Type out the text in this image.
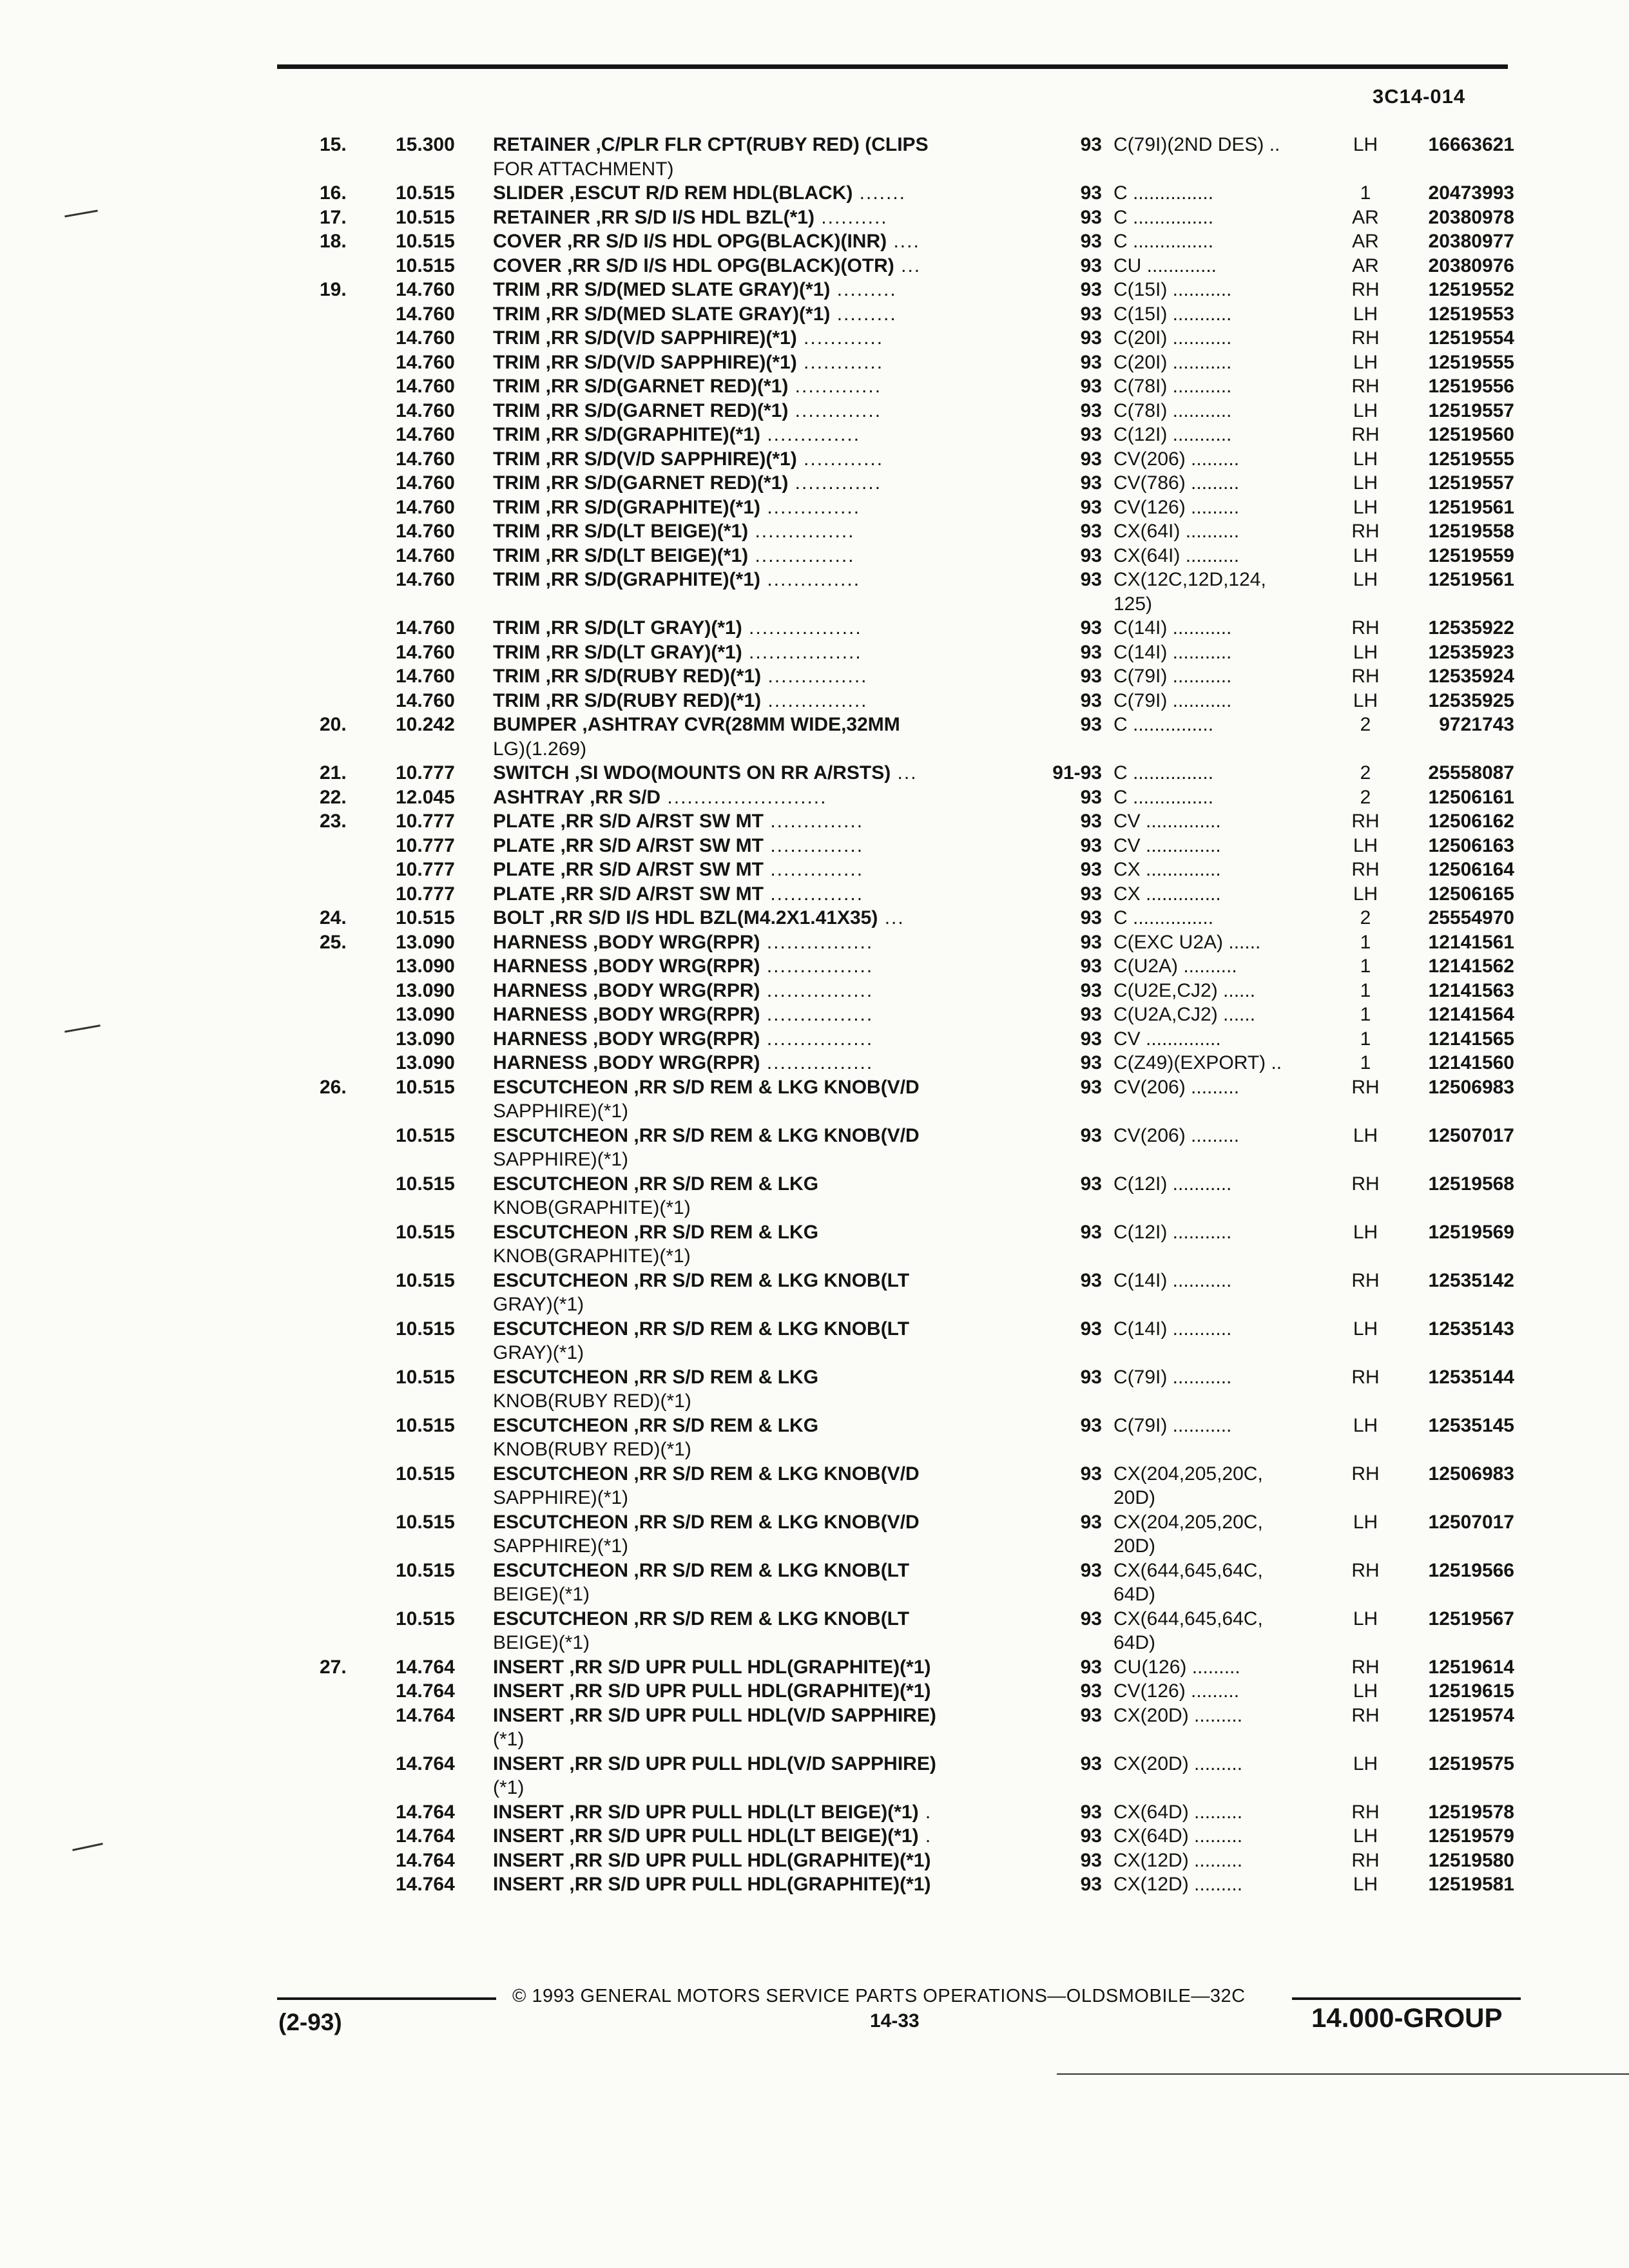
3C14-014
15.	15.300	RETAINER ,C/PLR FLR CPT(RUBY RED) (CLIPS	93 C(79I)(2ND DES) ..	LH	16663621
FOR ATTACHMENT)
16.	10.515	SLIDER ,ESCUT R/D REM HDL(BLACK) .......	93 C ...............	1	20473993
17.	10.515	RETAINER ,RR S/D I/S HDL BZL(*1) ..........	93 C ...............	AR	20380978
18.	10.515	COVER ,RR S/D I/S HDL OPG(BLACK)(INR) ....	93 C ...............	AR	20380977
10.515	COVER ,RR S/D I/S HDL OPG(BLACK)(OTR) ...	93 CU .............	AR	20380976
19.	14.760	TRIM ,RR S/D(MED SLATE GRAY)(*1) .........	93 C(15I) ...........	RH	12519552
14.760	TRIM ,RR S/D(MED SLATE GRAY)(*1) .........	93 C(15I) ...........	LH	12519553
14.760	TRIM ,RR S/D(V/D SAPPHIRE)(*1) ............	93 C(20I) ...........	RH	12519554
14.760	TRIM ,RR S/D(V/D SAPPHIRE)(*1) ............	93 C(20I) ...........	LH	12519555
14.760	TRIM ,RR S/D(GARNET RED)(*1) .............	93 C(78I) ...........	RH	12519556
14.760	TRIM ,RR S/D(GARNET RED)(*1) .............	93 C(78I) ...........	LH	12519557
14.760	TRIM ,RR S/D(GRAPHITE)(*1) ..............	93 C(12I) ...........	RH	12519560
14.760	TRIM ,RR S/D(V/D SAPPHIRE)(*1) ............	93 CV(206) .........	LH	12519555
14.760	TRIM ,RR S/D(GARNET RED)(*1) .............	93 CV(786) .........	LH	12519557
14.760	TRIM ,RR S/D(GRAPHITE)(*1) ..............	93 CV(126) .........	LH	12519561
14.760	TRIM ,RR S/D(LT BEIGE)(*1) ...............	93 CX(64I) ..........	RH	12519558
14.760	TRIM ,RR S/D(LT BEIGE)(*1) ...............	93 CX(64I) ..........	LH	12519559
14.760	TRIM ,RR S/D(GRAPHITE)(*1) ..............	93 CX(12C,12D,124,	LH	12519561
125)
14.760	TRIM ,RR S/D(LT GRAY)(*1) .................	93 C(14I) ...........	RH	12535922
14.760	TRIM ,RR S/D(LT GRAY)(*1) .................	93 C(14I) ...........	LH	12535923
14.760	TRIM ,RR S/D(RUBY RED)(*1) ...............	93 C(79I) ...........	RH	12535924
14.760	TRIM ,RR S/D(RUBY RED)(*1) ...............	93 C(79I) ...........	LH	12535925
20.	10.242	BUMPER ,ASHTRAY CVR(28MM WIDE,32MM	93 C ...............	2	9721743
LG)(1.269)
21.	10.777	SWITCH ,SI WDO(MOUNTS ON RR A/RSTS) ...	91-93 C ...............	2	25558087
22.	12.045	ASHTRAY ,RR S/D ........................	93 C ...............	2	12506161
23.	10.777	PLATE ,RR S/D A/RST SW MT ..............	93 CV ..............	RH	12506162
10.777	PLATE ,RR S/D A/RST SW MT ..............	93 CV ..............	LH	12506163
10.777	PLATE ,RR S/D A/RST SW MT ..............	93 CX ..............	RH	12506164
10.777	PLATE ,RR S/D A/RST SW MT ..............	93 CX ..............	LH	12506165
24.	10.515	BOLT ,RR S/D I/S HDL BZL(M4.2X1.41X35) ...	93 C ...............	2	25554970
25.	13.090	HARNESS ,BODY WRG(RPR) ................	93 C(EXC U2A) ......	1	12141561
13.090	HARNESS ,BODY WRG(RPR) ................	93 C(U2A) ..........	1	12141562
13.090	HARNESS ,BODY WRG(RPR) ................	93 C(U2E,CJ2) ......	1	12141563
13.090	HARNESS ,BODY WRG(RPR) ................	93 C(U2A,CJ2) ......	1	12141564
13.090	HARNESS ,BODY WRG(RPR) ................	93 CV ..............	1	12141565
13.090	HARNESS ,BODY WRG(RPR) ................	93 C(Z49)(EXPORT) ..	1	12141560
26.	10.515	ESCUTCHEON ,RR S/D REM & LKG KNOB(V/D	93 CV(206) .........	RH	12506983
SAPPHIRE)(*1)
10.515	ESCUTCHEON ,RR S/D REM & LKG KNOB(V/D	93 CV(206) .........	LH	12507017
SAPPHIRE)(*1)
10.515	ESCUTCHEON ,RR S/D REM & LKG	93 C(12I) ...........	RH	12519568
KNOB(GRAPHITE)(*1)
10.515	ESCUTCHEON ,RR S/D REM & LKG	93 C(12I) ...........	LH	12519569
KNOB(GRAPHITE)(*1)
10.515	ESCUTCHEON ,RR S/D REM & LKG KNOB(LT	93 C(14I) ...........	RH	12535142
GRAY)(*1)
10.515	ESCUTCHEON ,RR S/D REM & LKG KNOB(LT	93 C(14I) ...........	LH	12535143
GRAY)(*1)
10.515	ESCUTCHEON ,RR S/D REM & LKG	93 C(79I) ...........	RH	12535144
KNOB(RUBY RED)(*1)
10.515	ESCUTCHEON ,RR S/D REM & LKG	93 C(79I) ...........	LH	12535145
KNOB(RUBY RED)(*1)
10.515	ESCUTCHEON ,RR S/D REM & LKG KNOB(V/D	93 CX(204,205,20C,	RH	12506983
SAPPHIRE)(*1)	20D)
10.515	ESCUTCHEON ,RR S/D REM & LKG KNOB(V/D	93 CX(204,205,20C,	LH	12507017
SAPPHIRE)(*1)	20D)
10.515	ESCUTCHEON ,RR S/D REM & LKG KNOB(LT	93 CX(644,645,64C,	RH	12519566
BEIGE)(*1)	64D)
10.515	ESCUTCHEON ,RR S/D REM & LKG KNOB(LT	93 CX(644,645,64C,	LH	12519567
BEIGE)(*1)	64D)
27.	14.764	INSERT ,RR S/D UPR PULL HDL(GRAPHITE)(*1)	93 CU(126) .........	RH	12519614
14.764	INSERT ,RR S/D UPR PULL HDL(GRAPHITE)(*1)	93 CV(126) .........	LH	12519615
14.764	INSERT ,RR S/D UPR PULL HDL(V/D SAPPHIRE)	93 CX(20D) .........	RH	12519574
(*1)
14.764	INSERT ,RR S/D UPR PULL HDL(V/D SAPPHIRE)	93 CX(20D) .........	LH	12519575
(*1)
14.764	INSERT ,RR S/D UPR PULL HDL(LT BEIGE)(*1) .	93 CX(64D) .........	RH	12519578
14.764	INSERT ,RR S/D UPR PULL HDL(LT BEIGE)(*1) .	93 CX(64D) .........	LH	12519579
14.764	INSERT ,RR S/D UPR PULL HDL(GRAPHITE)(*1)	93 CX(12D) .........	RH	12519580
14.764	INSERT ,RR S/D UPR PULL HDL(GRAPHITE)(*1)	93 CX(12D) .........	LH	12519581
© 1993 GENERAL MOTORS SERVICE PARTS OPERATIONS—OLDSMOBILE—32C
(2-93)	14-33	14.000-GROUP
